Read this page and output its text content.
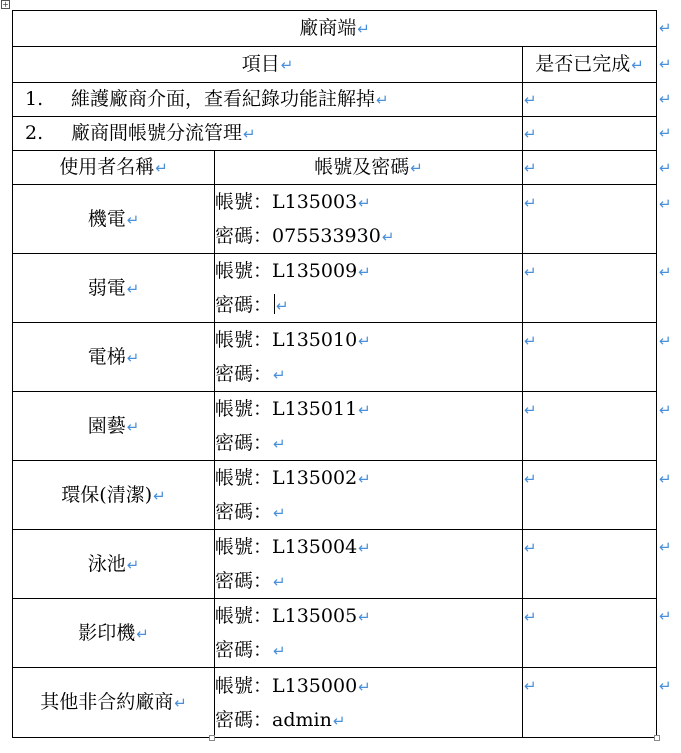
+
廠商端↵		
項目↵		是否已完成↵
1. 維護廠商介面，查看紀錄功能註解掉↵		↵
2. 廠商間帳號分流管理↵		↵
使用者名稱↵	帳號及密碼↵	↵
機電↵	帳號：L135003↵
密碼：075533930↵	↵

弱電↵	帳號：L135009↵
密碼： ↵	↵

電梯↵	帳號：L135010↵
密碼：↵	↵

園藝↵	帳號：L135011↵
密碼：↵	↵

環保(清潔)↵	帳號：L135002↵
密碼：↵	↵

泳池↵	帳號：L135004↵
密碼：↵	↵

影印機↵	帳號：L135005↵
密碼：↵	↵

其他非合約廠商↵	帳號：L135000↵
密碼：admin↵	↵
↵
↵
↵
↵
↵
↵
↵
↵
↵
↵
↵
↵
↵
